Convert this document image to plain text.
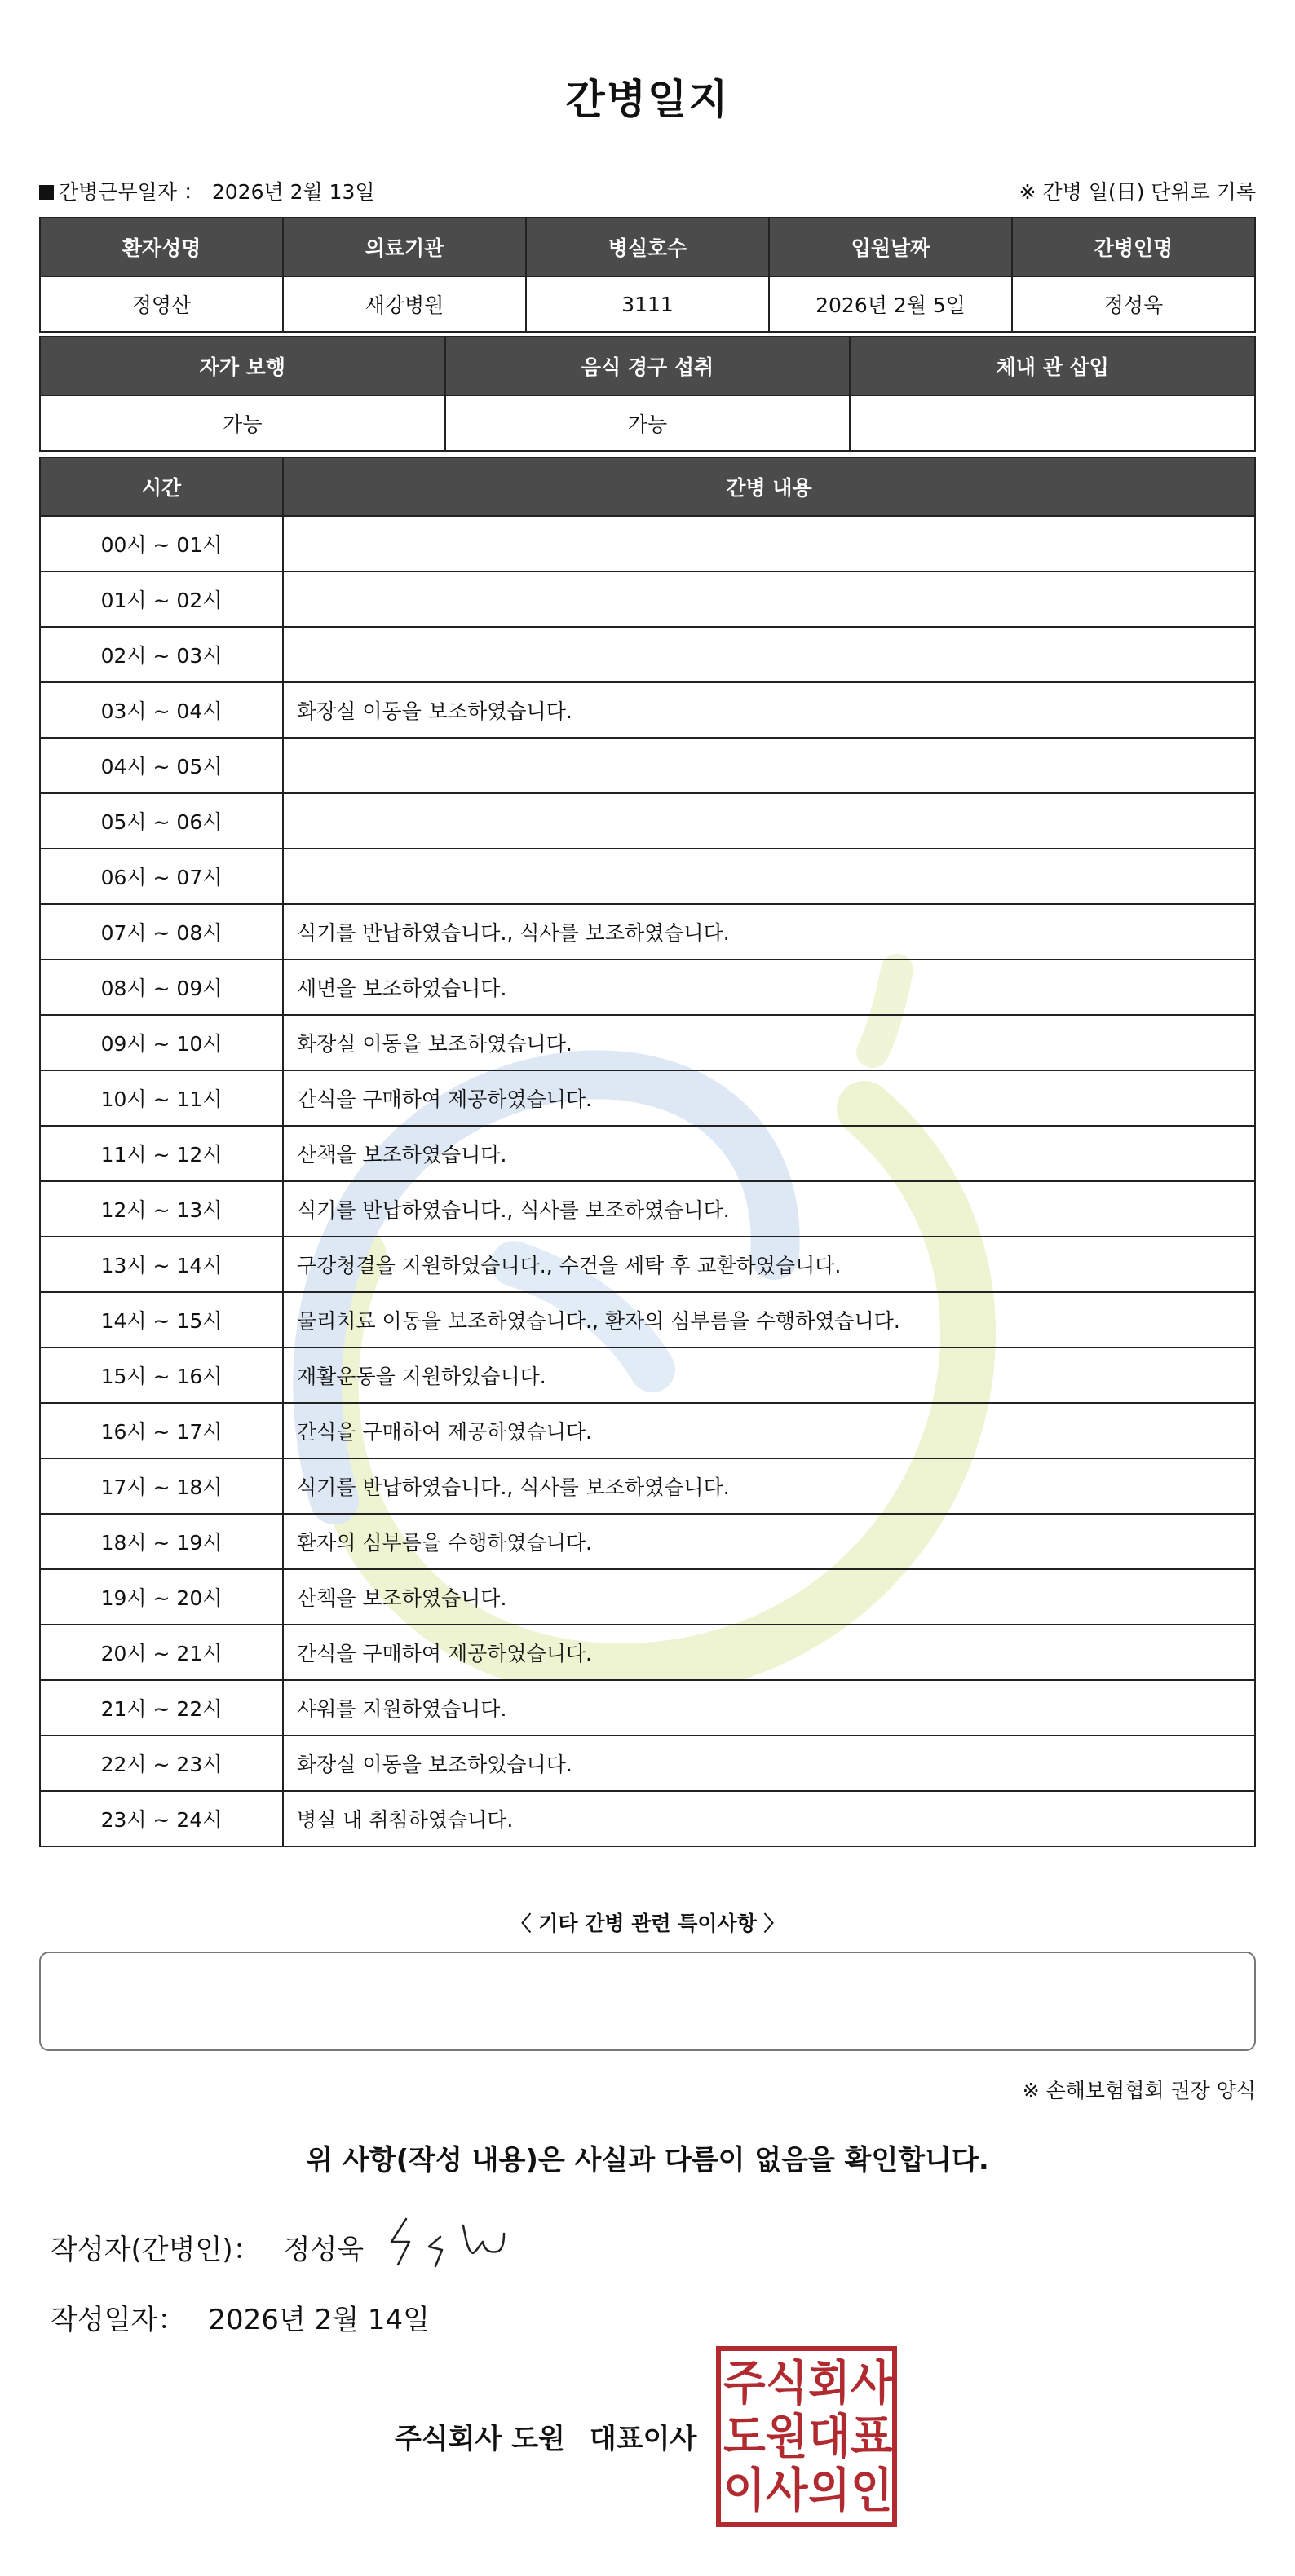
간병일지
간병근무일자 ： 2026년 2월 13일	※ 간병 일(日) 단위로 기록
환자성명	의료기관	병실호수	입원날짜	간병인명
정영산	새강병원	3111	2026년 2월 5일	정성욱
자가 보행	음식 경구 섭취	체내 관 삽입
가능	가능	
시간	간병 내용
00시 ~ 01시	
01시 ~ 02시	
02시 ~ 03시	
03시 ~ 04시	화장실 이동을 보조하였습니다.
04시 ~ 05시	
05시 ~ 06시	
06시 ~ 07시	
07시 ~ 08시	식기를 반납하였습니다., 식사를 보조하였습니다.
08시 ~ 09시	세면을 보조하였습니다.
09시 ~ 10시	화장실 이동을 보조하였습니다.
10시 ~ 11시	간식을 구매하여 제공하였습니다.
11시 ~ 12시	산책을 보조하였습니다.
12시 ~ 13시	식기를 반납하였습니다., 식사를 보조하였습니다.
13시 ~ 14시	구강청결을 지원하였습니다., 수건을 세탁 후 교환하였습니다.
14시 ~ 15시	물리치료 이동을 보조하였습니다., 환자의 심부름을 수행하였습니다.
15시 ~ 16시	재활운동을 지원하였습니다.
16시 ~ 17시	간식을 구매하여 제공하였습니다.
17시 ~ 18시	식기를 반납하였습니다., 식사를 보조하였습니다.
18시 ~ 19시	환자의 심부름을 수행하였습니다.
19시 ~ 20시	산책을 보조하였습니다.
20시 ~ 21시	간식을 구매하여 제공하였습니다.
21시 ~ 22시	샤워를 지원하였습니다.
22시 ~ 23시	화장실 이동을 보조하였습니다.
23시 ~ 24시	병실 내 취침하였습니다.
〈 기타 간병 관련 특이사항 〉
※ 손해보험협회 권장 양식
위 사항(작성 내용)은 사실과 다름이 없음을 확인합니다.
작성자(간병인)： 정성욱
작성일자： 2026년 2월 14일
주식회사 도원 대표이사
주 식 회 사
도 원 대 표
이 사 의 인
